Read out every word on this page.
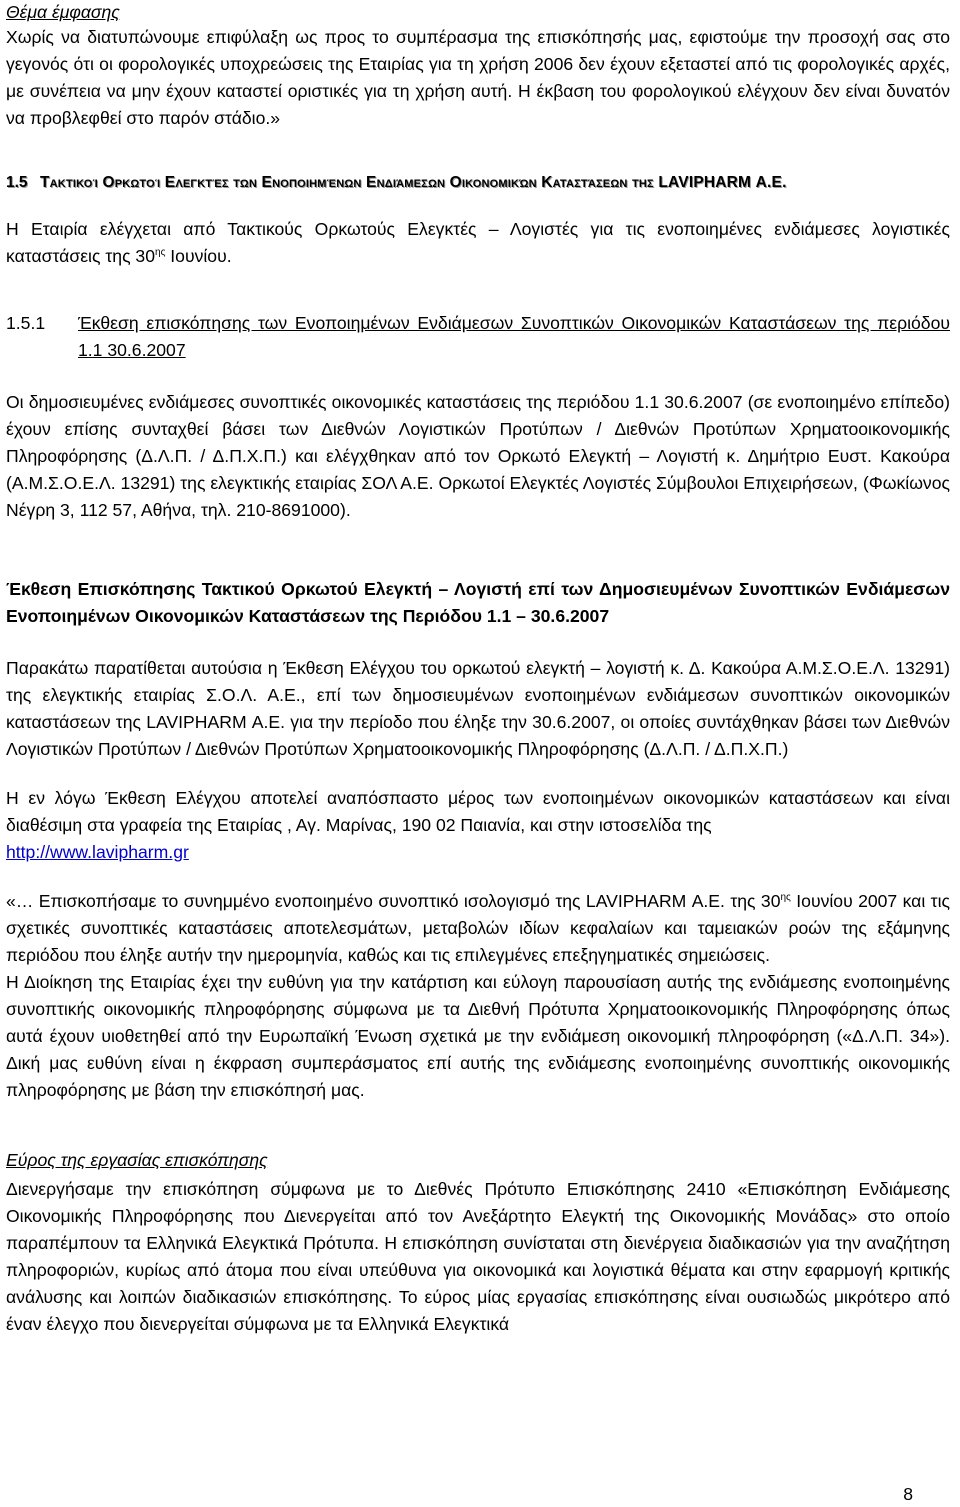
Θέμα έμφασης

Χωρίς να διατυπώνουμε επιφύλαξη ως προς το συμπέρασμα της επισκόπησής μας, εφιστούμε την προσοχή σας στο γεγονός ότι οι φορολογικές υποχρεώσεις της Εταιρίας για τη χρήση 2006 δεν έχουν εξεταστεί από τις φορολογικές αρχές, με συνέπεια να μην έχουν καταστεί οριστικές για τη χρήση αυτή. Η έκβαση του φορολογικού ελέγχουν δεν είναι δυνατόν να προβλεφθεί στο παρόν στάδιο.»

1.5 Τακτικοί Ορκωτοί Ελεγκτές των Ενοποιημένων Ενδιάμεσων Οικονομικών Καταστάσεων της LAVIPHARM Α.Ε.

Η Εταιρία ελέγχεται από Τακτικούς Ορκωτούς Ελεγκτές – Λογιστές για τις ενοποιημένες ενδιάμεσες λογιστικές καταστάσεις της $30^{\eta\varsigma}$ Ιουνίου.

1.5.1	Έκθεση επισκόπησης των Ενοποιημένων Ενδιάμεσων Συνοπτικών Οικονομικών Καταστάσεων της περιόδου 1.1 30.6.2007

Οι δημοσιευμένες ενδιάμεσες συνοπτικές οικονομικές καταστάσεις της περιόδου 1.1 30.6.2007 (σε ενοποιημένο επίπεδο) έχουν επίσης συνταχθεί βάσει των Διεθνών Λογιστικών Προτύπων / Διεθνών Προτύπων Χρηματοοικονομικής Πληροφόρησης (Δ.Λ.Π. / Δ.Π.Χ.Π.) και ελέγχθηκαν από τον Ορκωτό Ελεγκτή – Λογιστή κ. Δημήτριο Ευστ. Κακούρα (Α.Μ.Σ.Ο.Ε.Λ. 13291) της ελεγκτικής εταιρίας ΣΟΛ Α.Ε. Ορκωτοί Ελεγκτές Λογιστές Σύμβουλοι Επιχειρήσεων, (Φωκίωνος Νέγρη 3, 112 57, Αθήνα, τηλ. 210-8691000).

Έκθεση Επισκόπησης Τακτικού Ορκωτού Ελεγκτή – Λογιστή επί των Δημοσιευμένων Συνοπτικών Ενδιάμεσων Ενοποιημένων Οικονομικών Καταστάσεων της Περιόδου 1.1 – 30.6.2007

Παρακάτω παρατίθεται αυτούσια η Έκθεση Ελέγχου του ορκωτού ελεγκτή – λογιστή κ. Δ. Κακούρα Α.Μ.Σ.Ο.Ε.Λ. 13291) της ελεγκτικής εταιρίας Σ.Ο.Λ. Α.Ε., επί των δημοσιευμένων ενοποιημένων ενδιάμεσων συνοπτικών οικονομικών καταστάσεων της LAVIPHARM Α.Ε. για την περίοδο που έληξε την 30.6.2007, οι οποίες συντάχθηκαν βάσει των Διεθνών Λογιστικών Προτύπων / Διεθνών Προτύπων Χρηματοοικονομικής Πληροφόρησης (Δ.Λ.Π. / Δ.Π.Χ.Π.)

Η εν λόγω Έκθεση Ελέγχου αποτελεί αναπόσπαστο μέρος των ενοποιημένων οικονομικών καταστάσεων και είναι διαθέσιμη στα γραφεία της Εταιρίας , Αγ. Μαρίνας, 190 02 Παιανία, και στην ιστοσελίδα της
http://www.lavipharm.gr

«… Επισκοπήσαμε το συνημμένο ενοποιημένο συνοπτικό ισολογισμό της LAVIPHARM Α.Ε. της $30^{\eta\varsigma}$ Ιουνίου 2007 και τις σχετικές συνοπτικές καταστάσεις αποτελεσμάτων, μεταβολών ιδίων κεφαλαίων και ταμειακών ροών της εξάμηνης περιόδου που έληξε αυτήν την ημερομηνία, καθώς και τις επιλεγμένες επεξηγηματικές σημειώσεις.

Η Διοίκηση της Εταιρίας έχει την ευθύνη για την κατάρτιση και εύλογη παρουσίαση αυτής της ενδιάμεσης ενοποιημένης συνοπτικής οικονομικής πληροφόρησης σύμφωνα με τα Διεθνή Πρότυπα Χρηματοοικονομικής Πληροφόρησης όπως αυτά έχουν υιοθετηθεί από την Ευρωπαϊκή Ένωση σχετικά με την ενδιάμεση οικονομική πληροφόρηση («Δ.Λ.Π. 34»). Δική μας ευθύνη είναι η έκφραση συμπεράσματος επί αυτής της ενδιάμεσης ενοποιημένης συνοπτικής οικονομικής πληροφόρησης με βάση την επισκόπησή μας.

Εύρος της εργασίας επισκόπησης

Διενεργήσαμε την επισκόπηση σύμφωνα με το Διεθνές Πρότυπο Επισκόπησης 2410 «Επισκόπηση Ενδιάμεσης Οικονομικής Πληροφόρησης που Διενεργείται από τον Ανεξάρτητο Ελεγκτή της Οικονομικής Μονάδας» στο οποίο παραπέμπουν τα Ελληνικά Ελεγκτικά Πρότυπα. Η επισκόπηση συνίσταται στη διενέργεια διαδικασιών για την αναζήτηση πληροφοριών, κυρίως από άτομα που είναι υπεύθυνα για οικονομικά και λογιστικά θέματα και στην εφαρμογή κριτικής ανάλυσης και λοιπών διαδικασιών επισκόπησης. Το εύρος μίας εργασίας επισκόπησης είναι ουσιωδώς μικρότερο από έναν έλεγχο που διενεργείται σύμφωνα με τα Ελληνικά Ελεγκτικά

8
